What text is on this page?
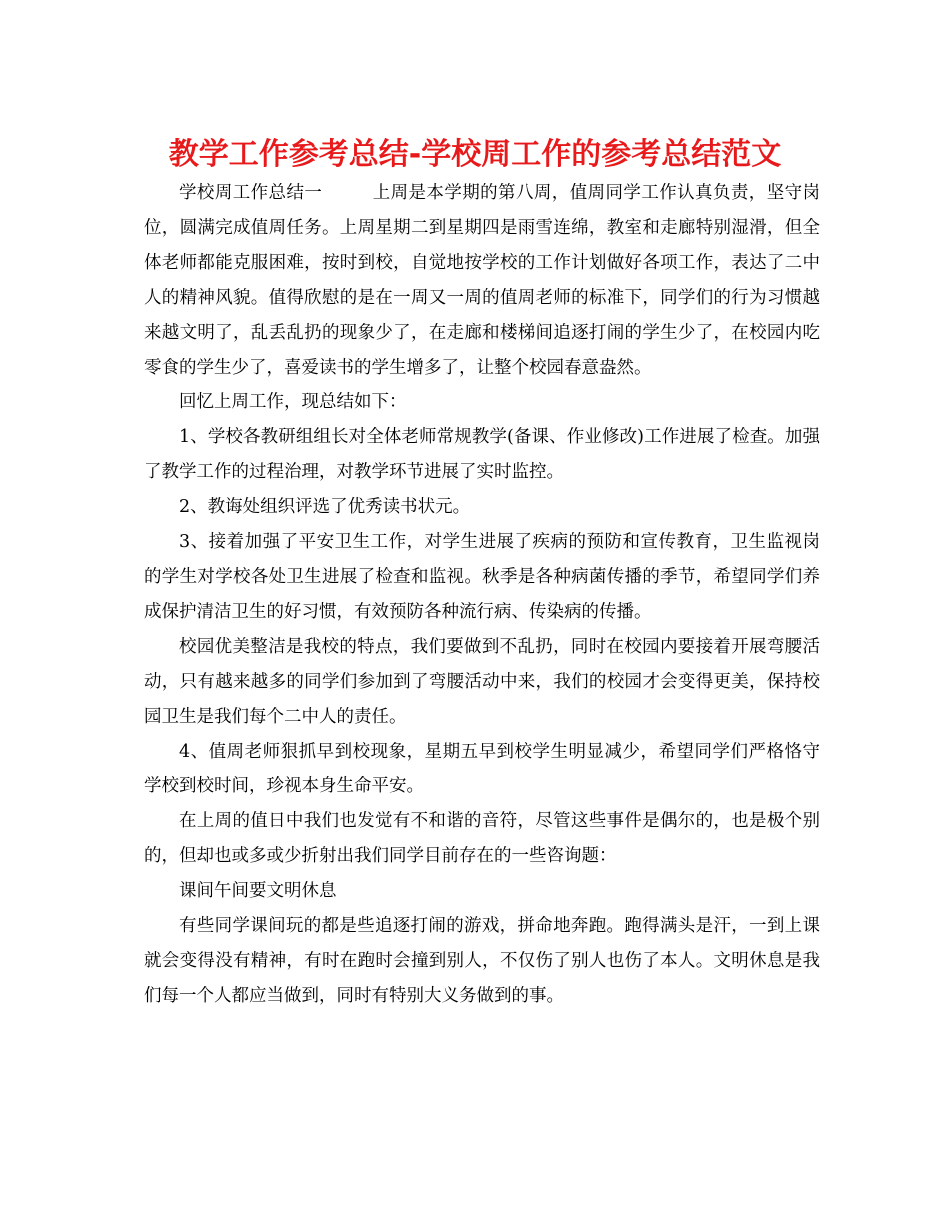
教学工作参考总结-学校周工作的参考总结范文

学校周工作总结一	上周是本学期的第八周，值周同学工作认真负责，坚守岗位，圆满完成值周任务。上周星期二到星期四是雨雪连绵，教室和走廊特别湿滑，但全体老师都能克服困难，按时到校，自觉地按学校的工作计划做好各项工作，表达了二中人的精神风貌。值得欣慰的是在一周又一周的值周老师的标准下，同学们的行为习惯越来越文明了，乱丢乱扔的现象少了，在走廊和楼梯间追逐打闹的学生少了，在校园内吃零食的学生少了，喜爱读书的学生增多了，让整个校园春意盎然。

回忆上周工作，现总结如下：

1、学校各教研组组长对全体老师常规教学(备课、作业修改)工作进展了检查。加强了教学工作的过程治理，对教学环节进展了实时监控。

2、教诲处组织评选了优秀读书状元。

3、接着加强了平安卫生工作，对学生进展了疾病的预防和宣传教育，卫生监视岗的学生对学校各处卫生进展了检查和监视。秋季是各种病菌传播的季节，希望同学们养成保护清洁卫生的好习惯，有效预防各种流行病、传染病的传播。

校园优美整洁是我校的特点，我们要做到不乱扔，同时在校园内要接着开展弯腰活动，只有越来越多的同学们参加到了弯腰活动中来，我们的校园才会变得更美，保持校园卫生是我们每个二中人的责任。

4、值周老师狠抓早到校现象，星期五早到校学生明显减少，希望同学们严格恪守学校到校时间，珍视本身生命平安。

在上周的值日中我们也发觉有不和谐的音符，尽管这些事件是偶尔的，也是极个别的，但却也或多或少折射出我们同学目前存在的一些咨询题：

课间午间要文明休息

有些同学课间玩的都是些追逐打闹的游戏，拼命地奔跑。跑得满头是汗，一到上课就会变得没有精神，有时在跑时会撞到别人，不仅伤了别人也伤了本人。文明休息是我们每一个人都应当做到，同时有特别大义务做到的事。
